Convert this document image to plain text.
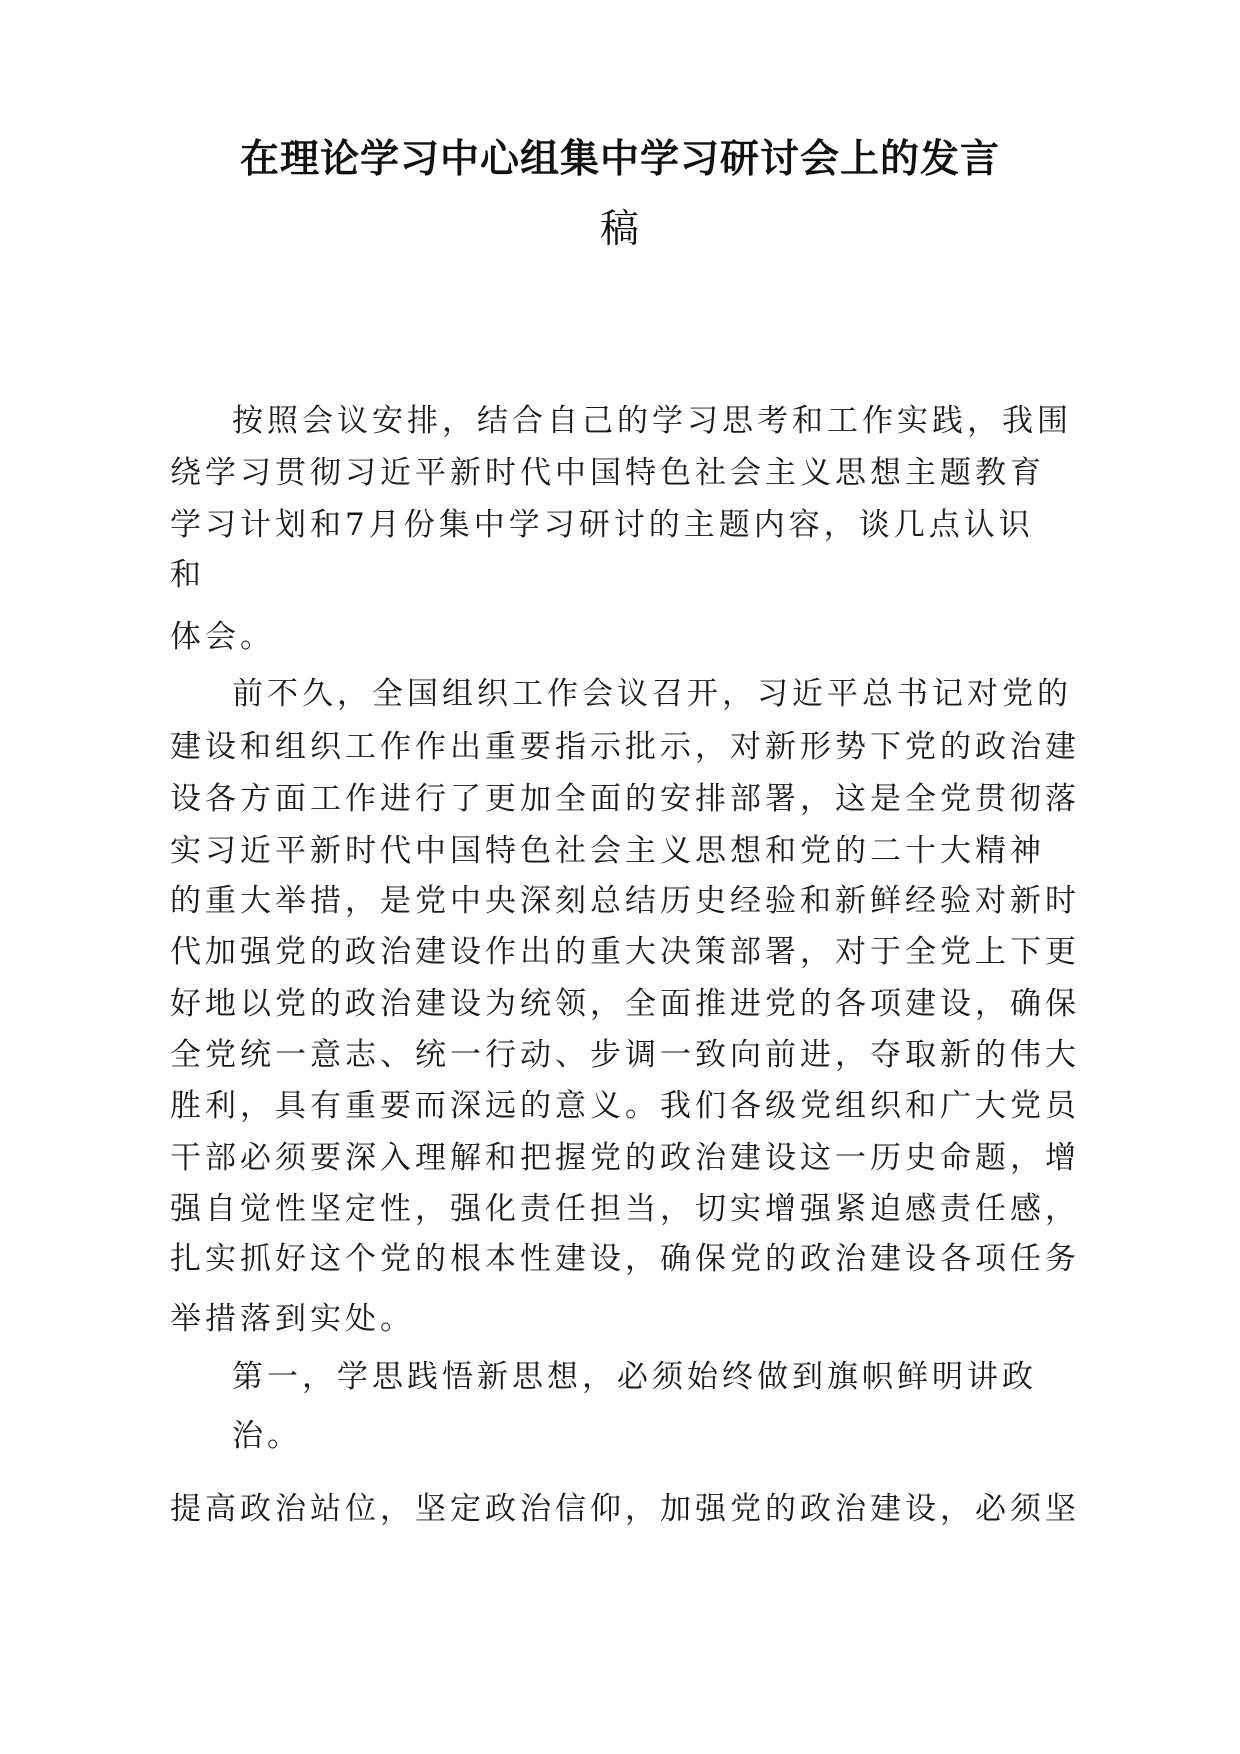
在理论学习中心组集中学习研讨会上的发言
稿
按照会议安排，结合自己的学习思考和工作实践，我围
绕学习贯彻习近平新时代中国特色社会主义思想主题教育
学习计划和7月份集中学习研讨的主题内容，谈几点认识
和
体会。
前不久，全国组织工作会议召开，习近平总书记对党的
建设和组织工作作出重要指示批示，对新形势下党的政治建
设各方面工作进行了更加全面的安排部署，这是全党贯彻落
实习近平新时代中国特色社会主义思想和党的二十大精神
的重大举措，是党中央深刻总结历史经验和新鲜经验对新时
代加强党的政治建设作出的重大决策部署，对于全党上下更
好地以党的政治建设为统领，全面推进党的各项建设，确保
全党统一意志、统一行动、步调一致向前进，夺取新的伟大
胜利，具有重要而深远的意义。我们各级党组织和广大党员
干部必须要深入理解和把握党的政治建设这一历史命题，增
强自觉性坚定性，强化责任担当，切实增强紧迫感责任感，
扎实抓好这个党的根本性建设，确保党的政治建设各项任务
举措落到实处。
第一，学思践悟新思想，必须始终做到旗帜鲜明讲政
治。
提高政治站位，坚定政治信仰，加强党的政治建设，必须坚
